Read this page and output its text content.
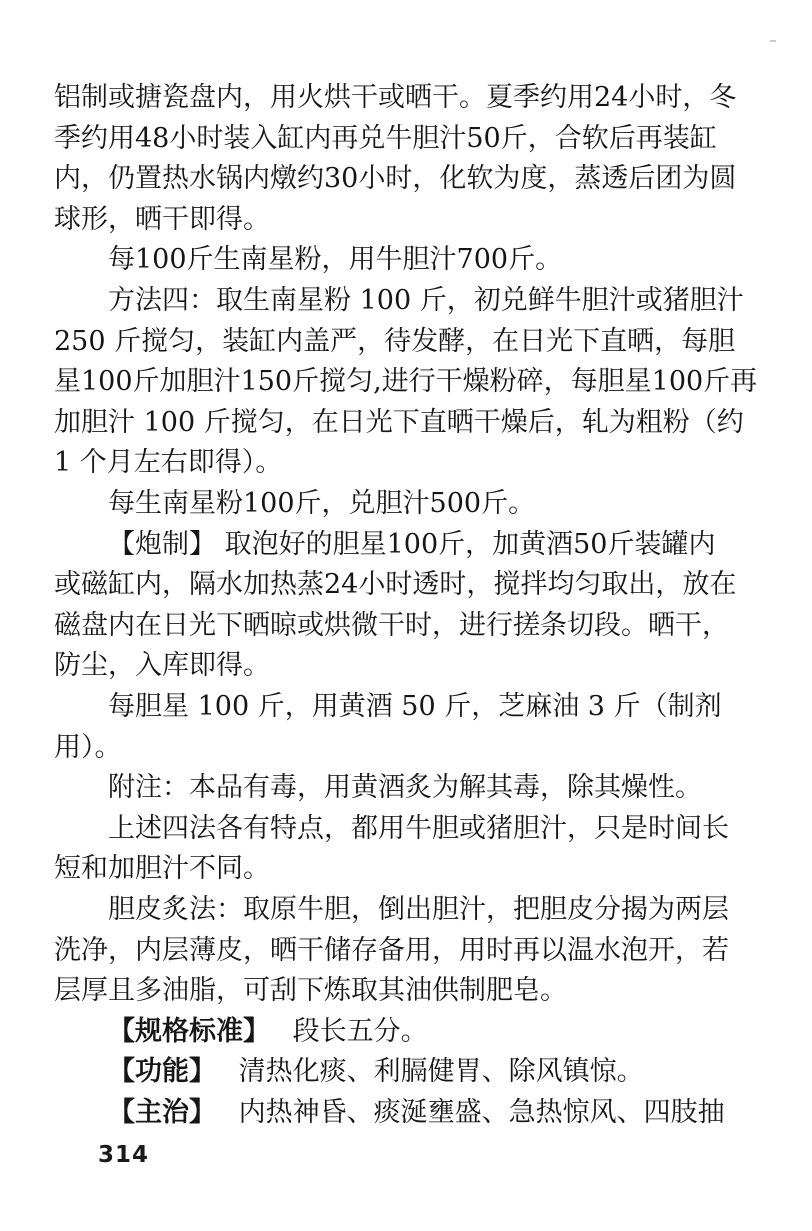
铝制或搪瓷盘内，用火烘干或晒干。夏季约用24小时，冬
季约用48小时装入缸内再兑牛胆汁50斤，合软后再装缸
内，仍置热水锅内燉约30小时，化软为度，蒸透后团为圆
球形，晒干即得。
每100斤生南星粉，用牛胆汁700斤。
方法四：取生南星粉 100 斤，初兑鲜牛胆汁或猪胆汁
250 斤搅匀，装缸内盖严，待发酵，在日光下直晒，每胆
星100斤加胆汁150斤搅匀,进行干燥粉碎，每胆星100斤再
加胆汁 100 斤搅匀，在日光下直晒干燥后，轧为粗粉（约
1 个月左右即得）。
每生南星粉100斤，兑胆汁500斤。
【炮制】 取泡好的胆星100斤，加黄酒50斤装罐内
或磁缸内，隔水加热蒸24小时透时，搅拌均匀取出，放在
磁盘内在日光下晒晾或烘微干时，进行搓条切段。晒干，
防尘，入库即得。
每胆星 100 斤，用黄酒 50 斤，芝麻油 3 斤（制剂
用）。
附注：本品有毒，用黄酒炙为解其毒，除其燥性。
上述四法各有特点，都用牛胆或猪胆汁，只是时间长
短和加胆汁不同。
胆皮炙法：取原牛胆，倒出胆汁，把胆皮分揭为两层
洗净，内层薄皮，晒干储存备用，用时再以温水泡开，若
层厚且多油脂，可刮下炼取其油供制肥皂。
【规格标准】 段长五分。
【功能】 清热化痰、利膈健胃、除风镇惊。
314
【主治】 内热神昏、痰涎壅盛、急热惊风、四肢抽
